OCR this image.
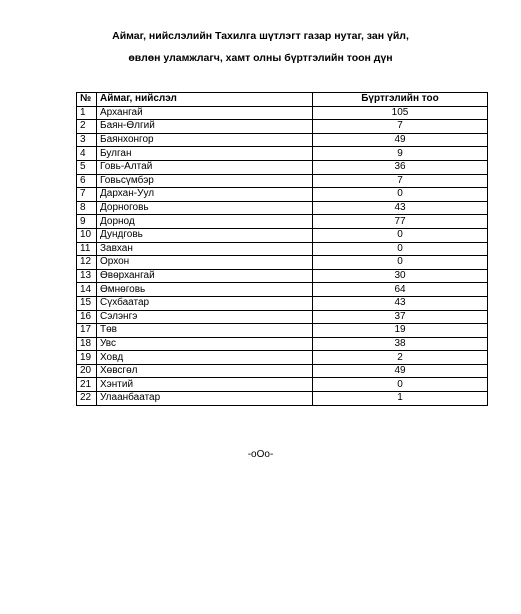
Аймаг, нийслэлийн Тахилга шүтлэгт газар нутаг, зан үйл,
өвлөн уламжлагч, хамт олны бүртгэлийн тоон дүн
№	Аймаг, нийслэл	Бүртгэлийн тоо
1	Архангай	105
2	Баян-Өлгий	7
3	Баянхонгор	49
4	Булган	9
5	Говь-Алтай	36
6	Говьсүмбэр	7
7	Дархан-Уул	0
8	Дорноговь	43
9	Дорнод	77
10	Дундговь	0
11	Завхан	0
12	Орхон	0
13	Өвөрхангай	30
14	Өмнөговь	64
15	Сүхбаатар	43
16	Сэлэнгэ	37
17	Төв	19
18	Увс	38
19	Ховд	2
20	Хөвсгөл	49
21	Хэнтий	0
22	Улаанбаатар	1
-oOo-
